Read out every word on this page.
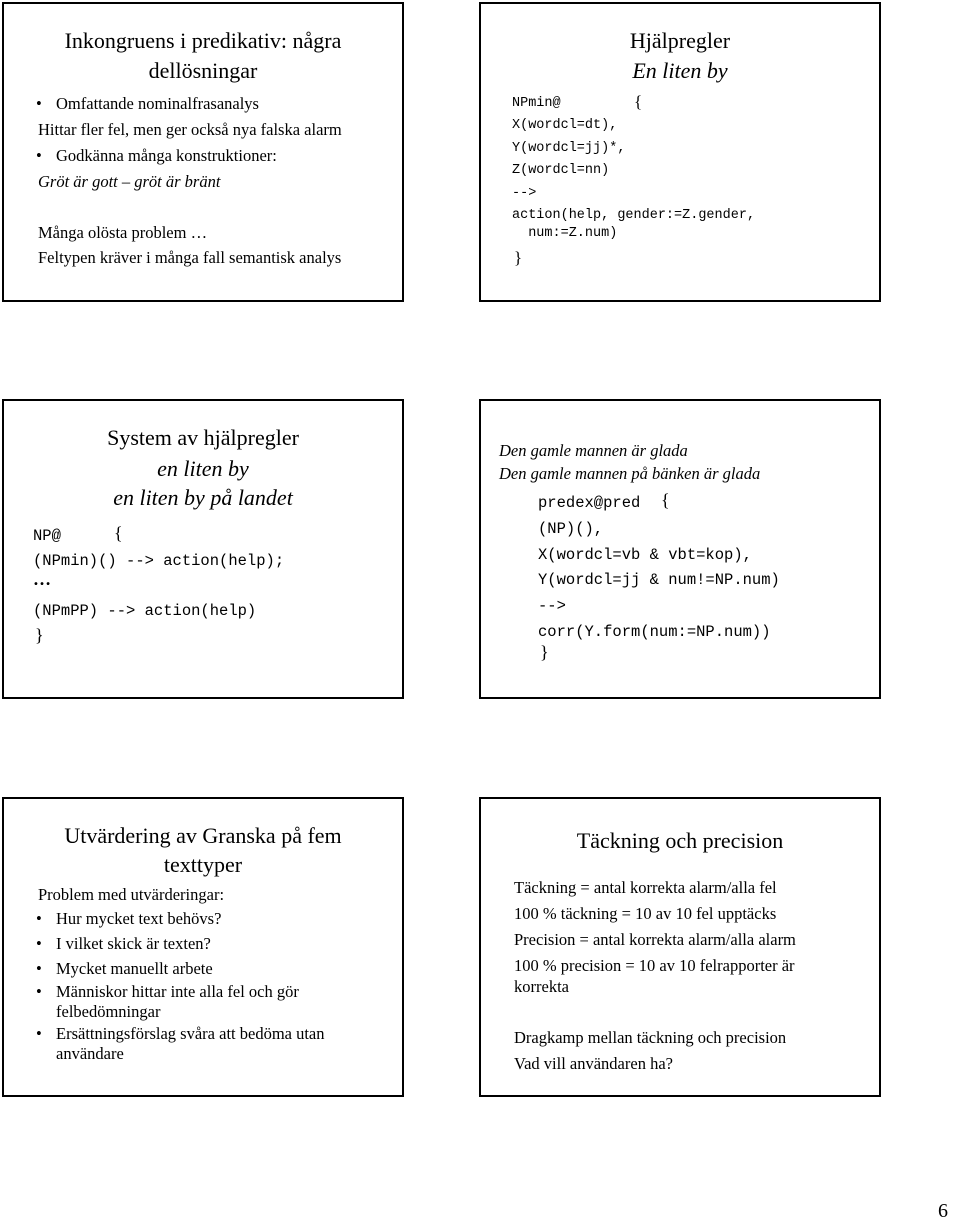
Inkongruens i predikativ: några
dellösningar
• Omfattande nominalfrasanalys
Hittar fler fel, men ger också nya falska alarm
• Godkänna många konstruktioner:
Gröt är gott – gröt är bränt
Många olösta problem …
Feltypen kräver i många fall semantisk analys
Hjälpregler
En liten by
NPmin@	{
X(wordcl=dt),
Y(wordcl=jj)*,
Z(wordcl=nn)
-->
action(help, gender:=Z.gender,
num:=Z.num)
}
System av hjälpregler
en liten by
en liten by på landet
NP@	{
(NPmin)() --> action(help);
…
(NPmPP) --> action(help)
}
Den gamle mannen är glada
Den gamle mannen på bänken är glada
predex@pred {
(NP)(),
X(wordcl=vb & vbt=kop),
Y(wordcl=jj & num!=NP.num)
-->
corr(Y.form(num:=NP.num))
}
Utvärdering av Granska på fem
texttyper
Problem med utvärderingar:
• Hur mycket text behövs?
• I vilket skick är texten?
• Mycket manuellt arbete
• Människor hittar inte alla fel och gör
felbedömningar
• Ersättningsförslag svåra att bedöma utan
användare
Täckning och precision
Täckning = antal korrekta alarm/alla fel
100 % täckning = 10 av 10 fel upptäcks
Precision = antal korrekta alarm/alla alarm
100 % precision = 10 av 10 felrapporter är
korrekta
Dragkamp mellan täckning och precision
Vad vill användaren ha?
6
